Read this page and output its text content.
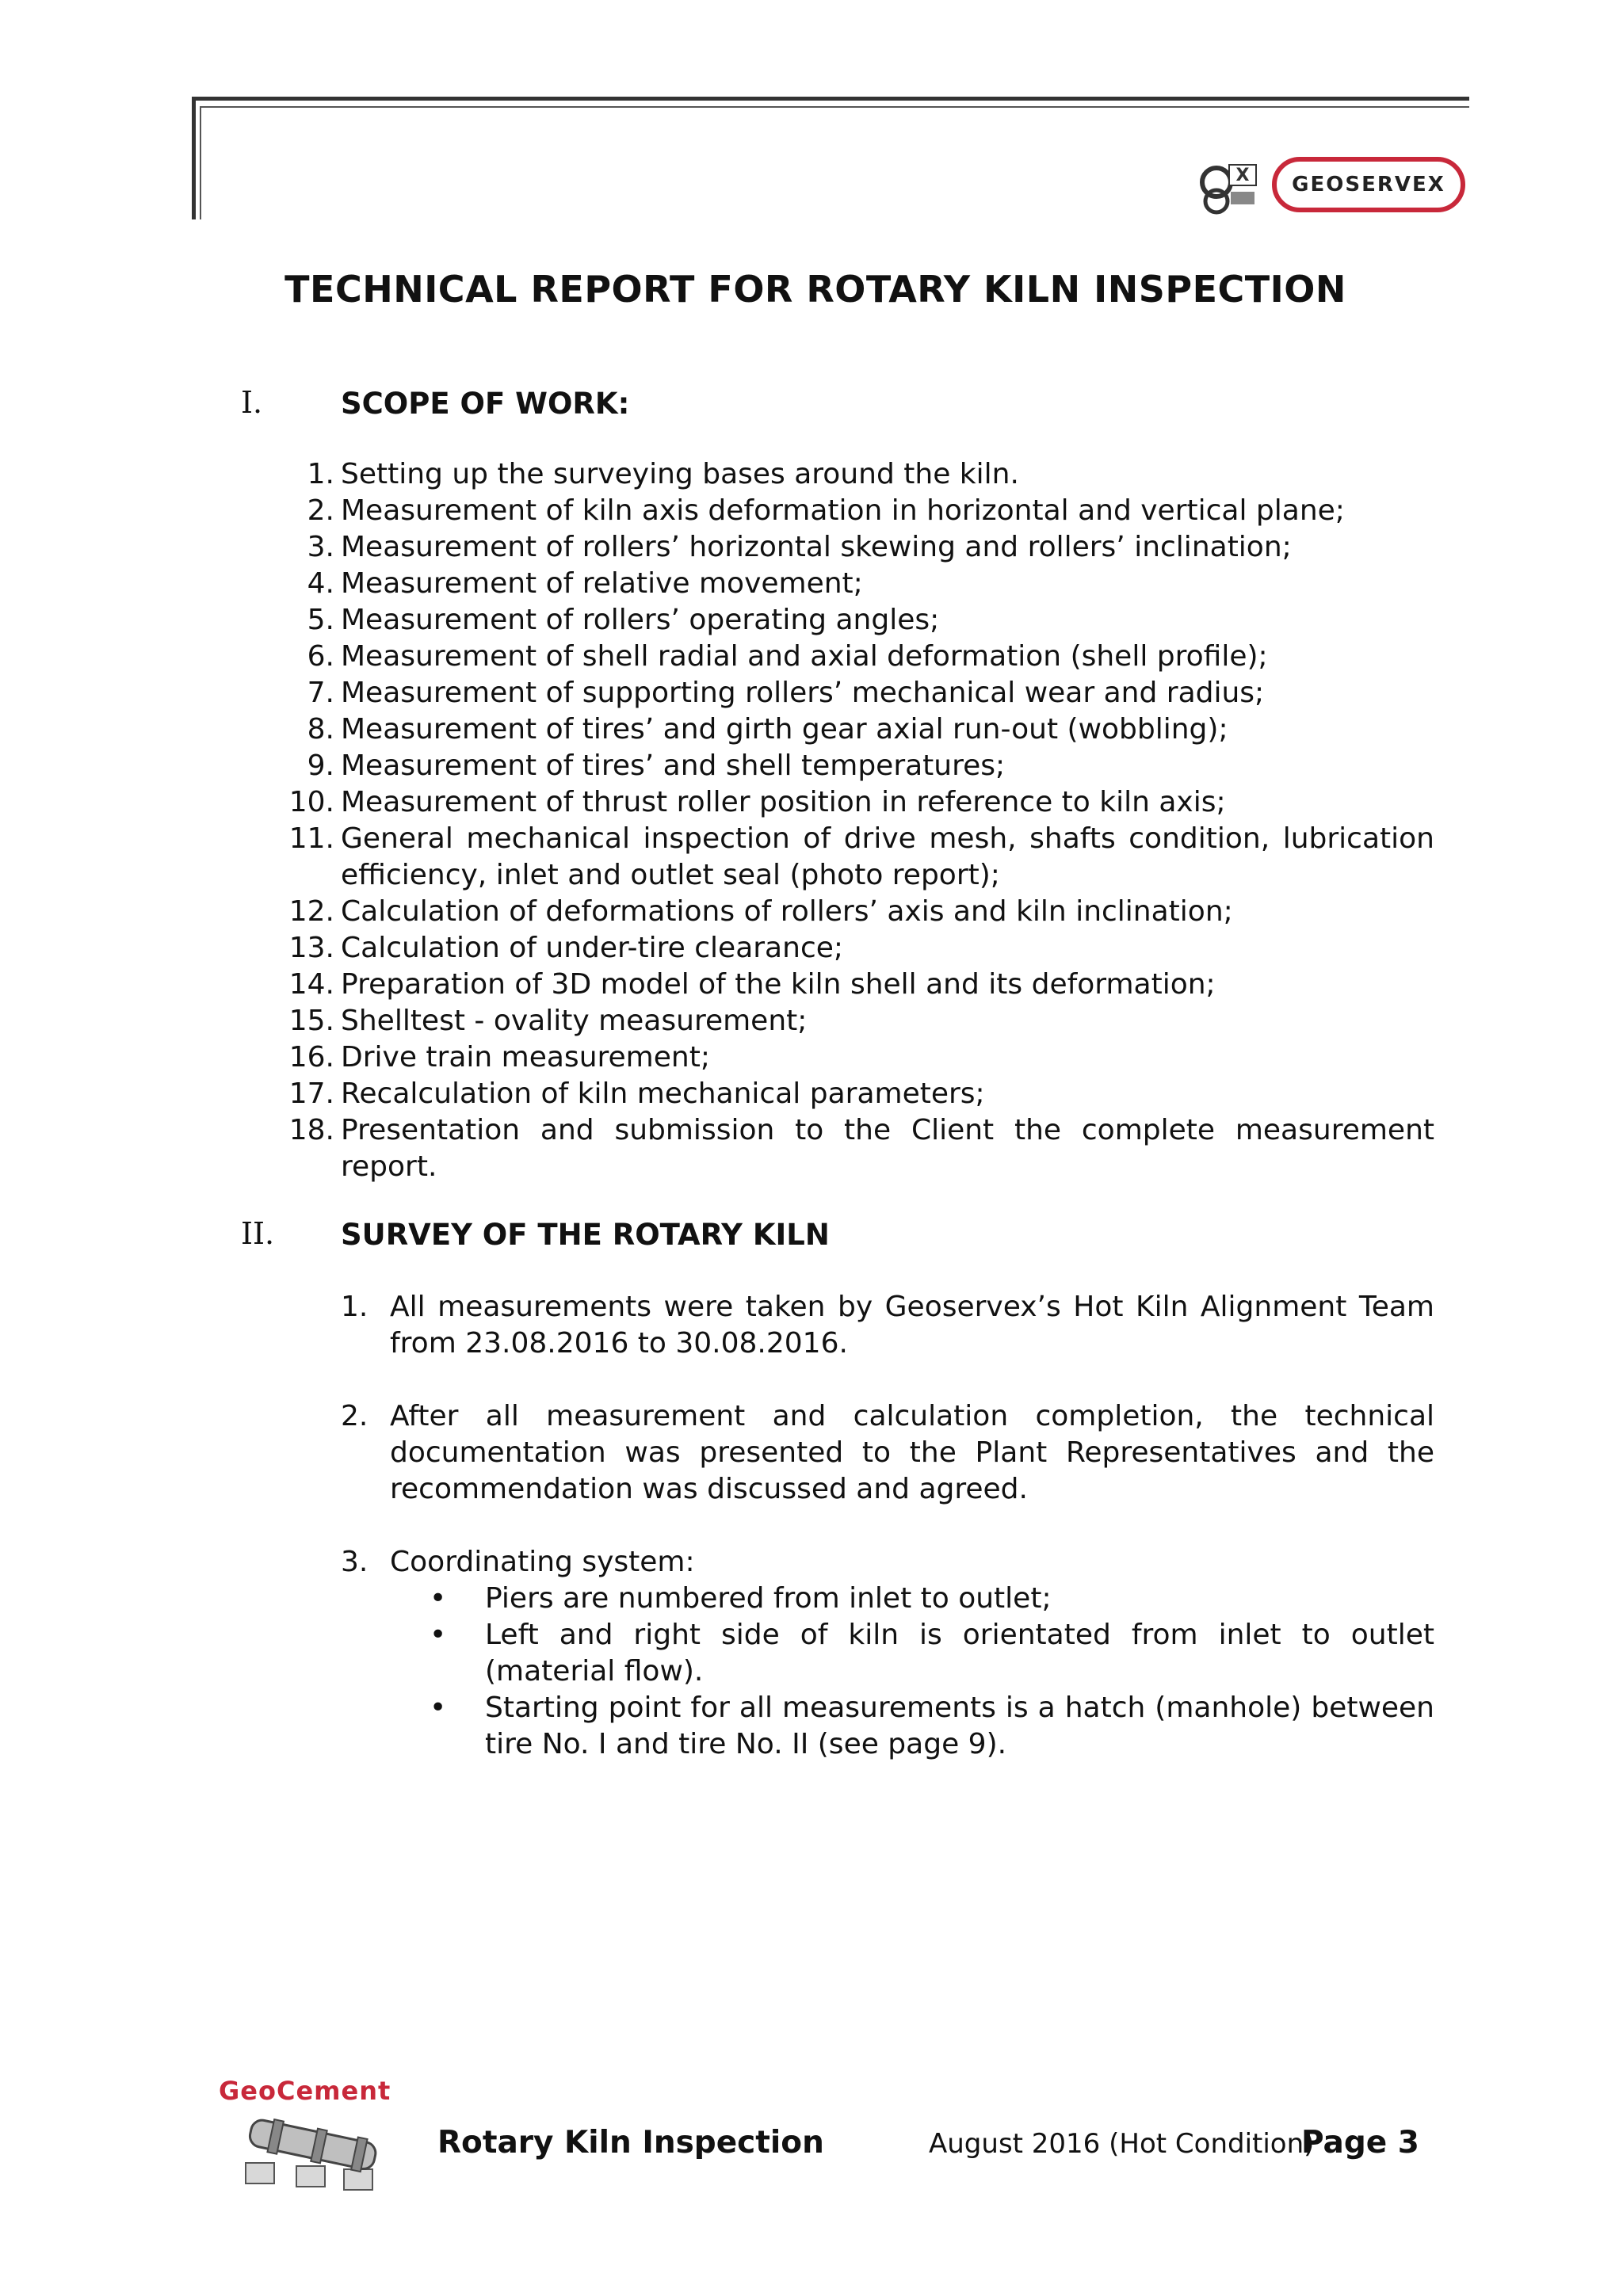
X	GEOSERVEX
TECHNICAL REPORT FOR ROTARY KILN INSPECTION
I.	SCOPE OF WORK:
1. Setting up the surveying bases around the kiln.
2. Measurement of kiln axis deformation in horizontal and vertical plane;
3. Measurement of rollers’ horizontal skewing and rollers’ inclination;
4. Measurement of relative movement;
5. Measurement of rollers’ operating angles;
6. Measurement of shell radial and axial deformation (shell profile);
7. Measurement of supporting rollers’ mechanical wear and radius;
8. Measurement of tires’ and girth gear axial run-out (wobbling);
9. Measurement of tires’ and shell temperatures;
10. Measurement of thrust roller position in reference to kiln axis;
11. General mechanical inspection of drive mesh, shafts condition, lubrication efficiency, inlet and outlet seal (photo report);
12. Calculation of deformations of rollers’ axis and kiln inclination;
13. Calculation of under-tire clearance;
14. Preparation of 3D model of the kiln shell and its deformation;
15. Shelltest - ovality measurement;
16. Drive train measurement;
17. Recalculation of kiln mechanical parameters;
18. Presentation and submission to the Client the complete measurement report.
II. SURVEY OF THE ROTARY KILN
1. All measurements were taken by Geoservex’s Hot Kiln Alignment Team from 23.08.2016 to 30.08.2016.
2. After all measurement and calculation completion, the technical documentation was presented to the Plant Representatives and the recommendation was discussed and agreed.
3. Coordinating system:
• Piers are numbered from inlet to outlet;
• Left and right side of kiln is orientated from inlet to outlet (material flow).
• Starting point for all measurements is a hatch (manhole) between tire No. I and tire No. II (see page 9).
GeoCement
Rotary Kiln Inspection	August 2016 (Hot Condition)
Page 3
